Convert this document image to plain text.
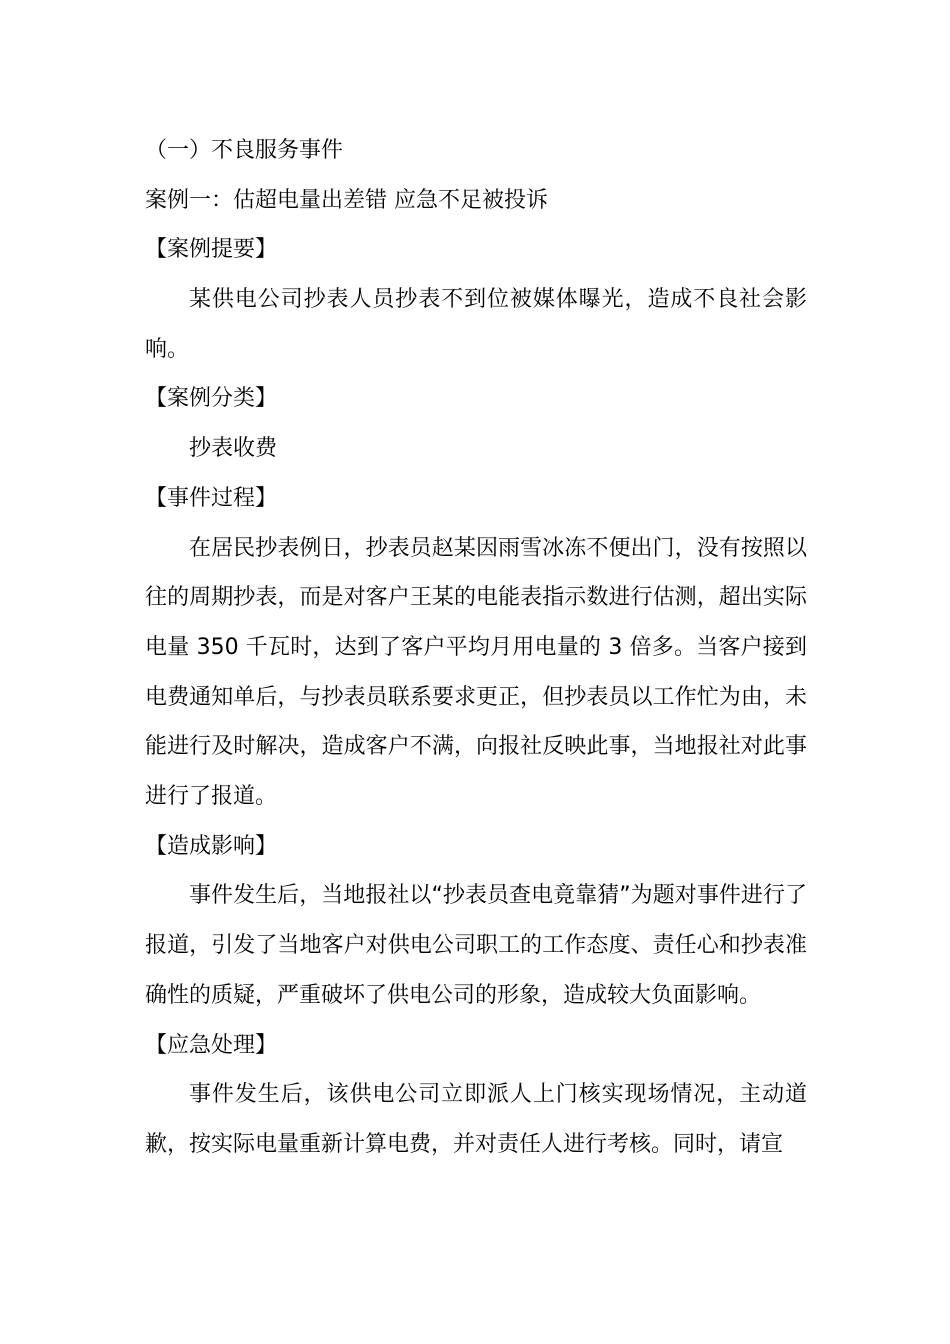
（一）不良服务事件
案例一：估超电量出差错 应急不足被投诉
【案例提要】

某供电公司抄表人员抄表不到位被媒体曝光，造成不良社会影响。

【案例分类】

抄表收费

【事件过程】

在居民抄表例日，抄表员赵某因雨雪冰冻不便出门，没有按照以往的周期抄表，而是对客户王某的电能表指示数进行估测，超出实际电量 350 千瓦时，达到了客户平均月用电量的 3 倍多。当客户接到电费通知单后，与抄表员联系要求更正，但抄表员以工作忙为由，未能进行及时解决，造成客户不满，向报社反映此事，当地报社对此事进行了报道。

【造成影响】

事件发生后，当地报社以“抄表员查电竟靠猜”为题对事件进行了报道，引发了当地客户对供电公司职工的工作态度、责任心和抄表准确性的质疑，严重破坏了供电公司的形象，造成较大负面影响。

【应急处理】

事件发生后，该供电公司立即派人上门核实现场情况，主动道歉，按实际电量重新计算电费，并对责任人进行考核。同时，请宣
